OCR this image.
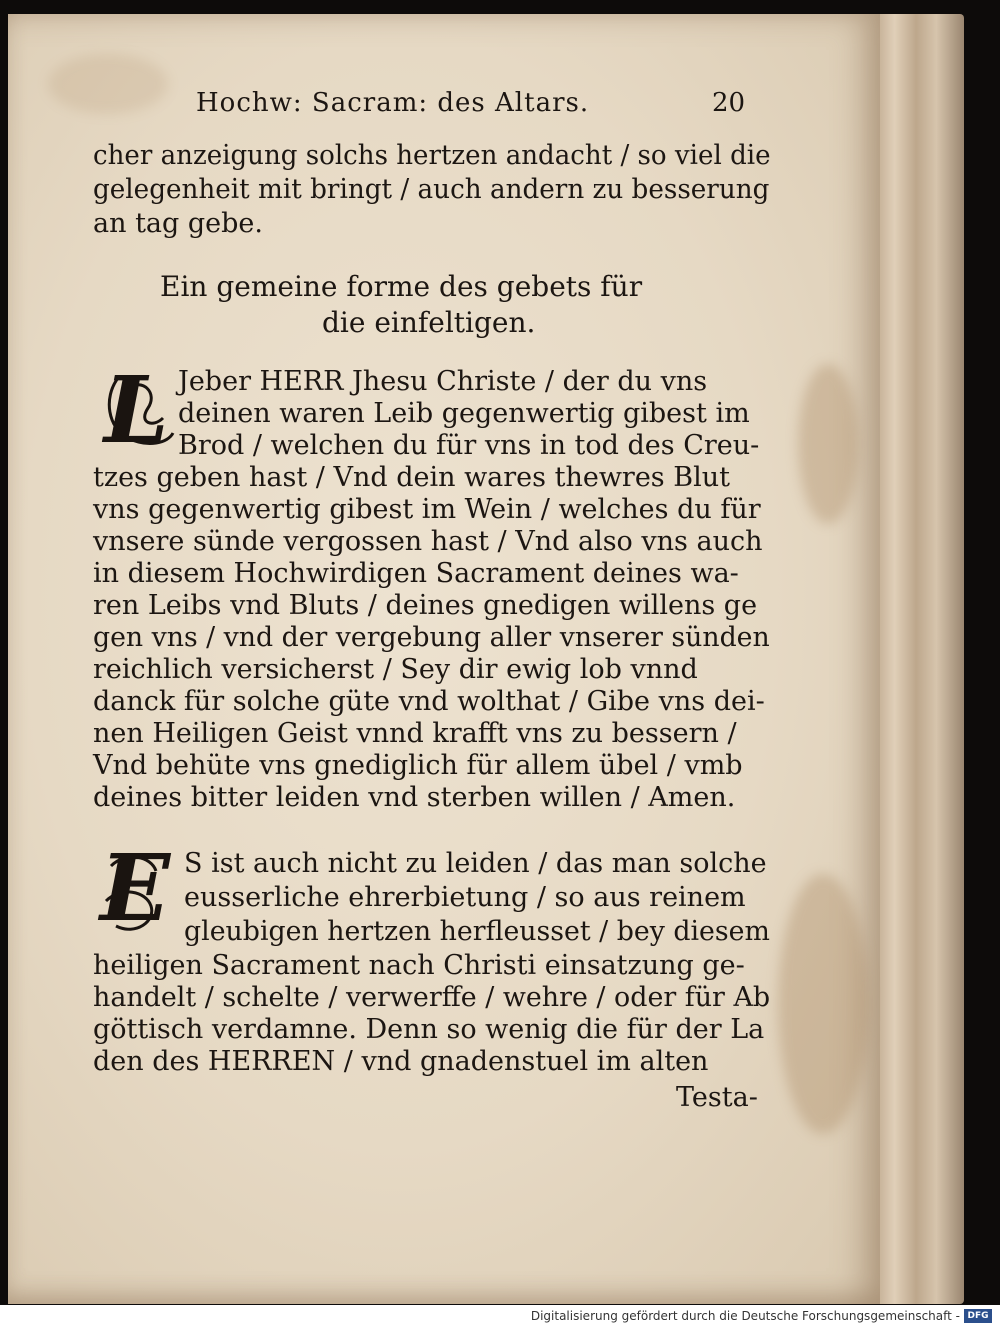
Hochw: Sacram: des Altars.	20
cher anzeigung solchs hertzen andacht / so viel die
gelegenheit mit bringt / auch andern zu besserung
an tag gebe.
Ein gemeine forme des gebets für
die einfeltigen.
L Jeber HERR Jhesu Christe / der du vns
deinen waren Leib gegenwertig gibest im
Brod / welchen du für vns in tod des Creu-
tzes geben hast / Vnd dein wares thewres Blut
vns gegenwertig gibest im Wein / welches du für
vnsere sünde vergossen hast / Vnd also vns auch
in diesem Hochwirdigen Sacrament deines wa-
ren Leibs vnd Bluts / deines gnedigen willens ge
gen vns / vnd der vergebung aller vnserer sünden
reichlich versicherst / Sey dir ewig lob vnnd
danck für solche güte vnd wolthat / Gibe vns dei-
nen Heiligen Geist vnnd krafft vns zu bessern /
Vnd behüte vns gnediglich für allem übel / vmb
deines bitter leiden vnd sterben willen / Amen.
E S ist auch nicht zu leiden / das man solche
eusserliche ehrerbietung / so aus reinem
gleubigen hertzen herfleusset / bey diesem
heiligen Sacrament nach Christi einsatzung ge-
handelt / schelte / verwerffe / wehre / oder für Ab
göttisch verdamne. Denn so wenig die für der La
den des HERREN / vnd gnadenstuel im alten
Testa-
Digitalisierung gefördert durch die Deutsche Forschungsgemeinschaft - DFG
